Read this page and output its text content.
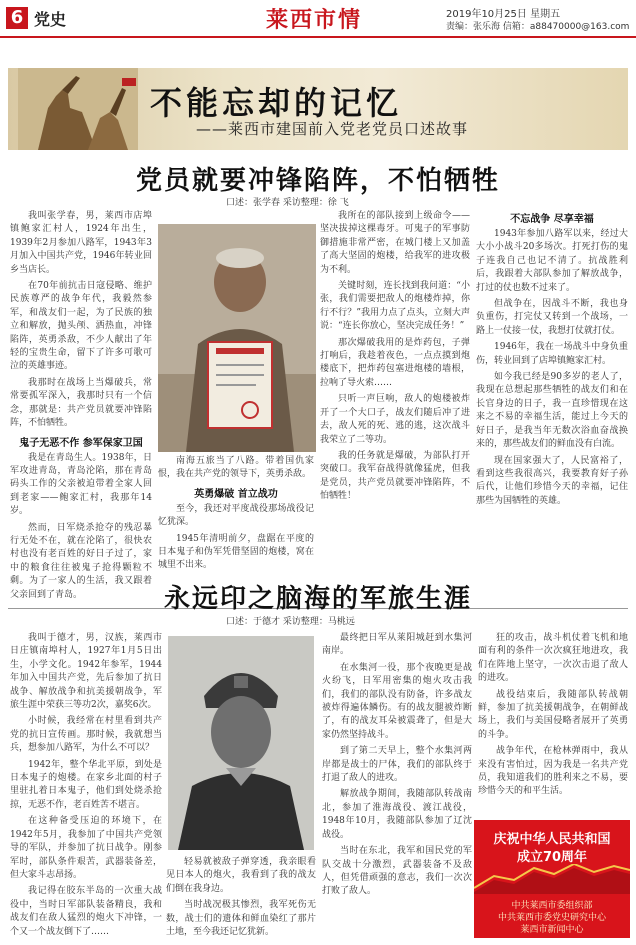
6 党史	莱西市情	2019年10月25日 星期五
责编：张乐海 信箱：a88470000@163.com
不能忘却的记忆
——莱西市建国前入党老党员口述故事
党员就要冲锋陷阵，不怕牺牲
口述：张学春 采访整理：徐 飞

我叫张学春，男，莱西市店埠镇鲍家汇村人，1924年出生，1939年2月参加八路军，1943年3月加入中国共产党，1946年转业回乡当店长。

在70年前抗击日寇侵略、维护民族尊严的战争年代，我毅然参军，和战友们一起，为了民族的独立和解放，抛头颅、洒热血，冲锋陷阵，英勇杀敌，不少人献出了年轻的宝贵生命，留下了许多可歌可泣的英雄事迹。

我那时在战场上当爆破兵，常常要孤军深入，我那时只有一个信念，那就是：共产党员就要冲锋陷阵，不怕牺牲。

鬼子无恶不作 参军保家卫国

我是在青岛生人。1938年，日军攻进青岛，青岛沦陷，那在青岛码头工作的父亲被迫带着全家人回到老家——鲍家汇村，我那年14岁。

然而，日军烧杀抢夺的残忍暴行无处不在，就在沦陷了，很快农村也没有老百姓的好日子过了，家中的粮食往往被鬼子抢得颗粒不剩。为了一家人的生活，我又跟着父亲回到了青岛。

南海五旅当了八路。带着国仇家恨，我在共产党的领导下，英勇杀敌。

英勇爆破 首立战功

至今，我还对平度战役那场战役记忆犹深。

1945年清明前夕，盘踞在平度的日本鬼子和伪军凭借坚固的炮楼，窝在城里不出来。

我所在的部队接到上级命令——坚决拔掉这棵毒牙。可鬼子的军事防御措施非常严密，在城门楼上又加盖了高大坚固的炮楼，给我军的进攻极为不利。

关键时刻，连长找到我问道：“小张，我们需要把敌人的炮楼炸掉，你行不行？”我用力点了点头，立刻大声说：“连长你放心，坚决完成任务！”

那次爆破我用的是炸药包，子弹打响后，我趁着夜色，一点点摸到炮楼底下，把炸药包塞进炮楼的墙根，拉响了导火索……

只听一声巨响，敌人的炮楼被炸开了一个大口子，战友们随后冲了进去，敌人死的死、逃的逃，这次战斗我荣立了二等功。

我的任务就是爆破，为部队打开突破口。我军奋战得就像猛虎，但我是党员，共产党员就要冲锋陷阵，不怕牺牲！

不忘战争 尽享幸福

1943年参加八路军以来，经过大大小小战斗20多场次。打死打伤的鬼子连我自己也记不清了。抗战胜利后，我跟着大部队参加了解放战争，打过的仗也数不过来了。

但战争在，因战斗不断，我也身负重伤，打完仗又转到一个战场，一路上一仗接一仗，我想打仗就打仗。

1946年，我在一场战斗中身负重伤，转业回到了店埠镇鲍家汇村。

如今我已经是90多岁的老人了，我现在总想起那些牺牲的战友们和在长官身边的日子，我一直珍惜现在这来之不易的幸福生活，能过上今天的好日子，是我当年无数次浴血奋战换来的，那些战友们的鲜血没有白流。

现在国家强大了，人民富裕了，看到这些我很高兴，我要教育好子孙后代，让他们珍惜今天的幸福，记住那些为国牺牲的英雄。

永远印之脑海的军旅生涯
口述：于德才 采访整理：马桃远

我叫于德才，男，汉族，莱西市日庄镇南埠村人，1927年1月5日出生，小学文化。1942年参军，1944年加入中国共产党，先后参加了抗日战争、解放战争和抗美援朝战争，军旅生涯中荣获三等功2次，嘉奖6次。

小时候，我经常在村里看到共产党的抗日宣传画。那时候，我就想当兵，想参加八路军，为什么不可以？

1942年，整个华北平原，到处是日本鬼子的炮楼。在家乡北面的村子里驻扎着日本鬼子，他们到处烧杀抢掠，无恶不作，老百姓苦不堪言。

在这种备受压迫的环境下，在1942年5月，我参加了中国共产党领导的军队，并参加了抗日战争。刚参军时，部队条件艰苦，武器装备差，但大家斗志昂扬。

我记得在胶东半岛的一次重大战役中，当时日军部队装备精良，我和战友们在敌人猛烈的炮火下冲锋，一个又一个战友倒下了……

轻易就被敌子弹穿透，我亲眼看见日本人的炮火，我看到了我的战友们倒在我身边。

当时战况极其惨烈，我军死伤无数，战士们的遗体和鲜血染红了那片土地，至今我还记忆犹新。

最终把日军从莱阳城赶到水集河南岸。

在水集河一役，那个夜晚更是战火纷飞，日军用密集的炮火攻击我们，我们的部队没有防备，许多战友被炸得遍体鳞伤。有的战友腿被炸断了，有的战友耳朵被震聋了，但是大家仍然坚持战斗。

到了第二天早上，整个水集河两岸都是战士的尸体，我们的部队终于打退了敌人的进攻。

解放战争期间，我随部队转战南北，参加了淮海战役、渡江战役，1948年10月，我随部队参加了辽沈战役。

当时在东北，我军和国民党的军队交战十分激烈，武器装备不及敌人，但凭借顽强的意志，我们一次次打败了敌人。

狂的攻击，战斗机仗着飞机和地面有利的条件一次次疯狂地进攻，我们在阵地上坚守，一次次击退了敌人的进攻。

战役结束后，我随部队转战朝鲜，参加了抗美援朝战争，在朝鲜战场上，我们与美国侵略者展开了英勇的斗争。

战争年代，在枪林弹雨中，我从来没有害怕过，因为我是一名共产党员，我知道我们的胜利来之不易，要珍惜今天的和平生活。

庆祝中华人民共和国
成立70周年
中共莱西市委组织部
中共莱西市委党史研究中心
莱西市新闻中心
